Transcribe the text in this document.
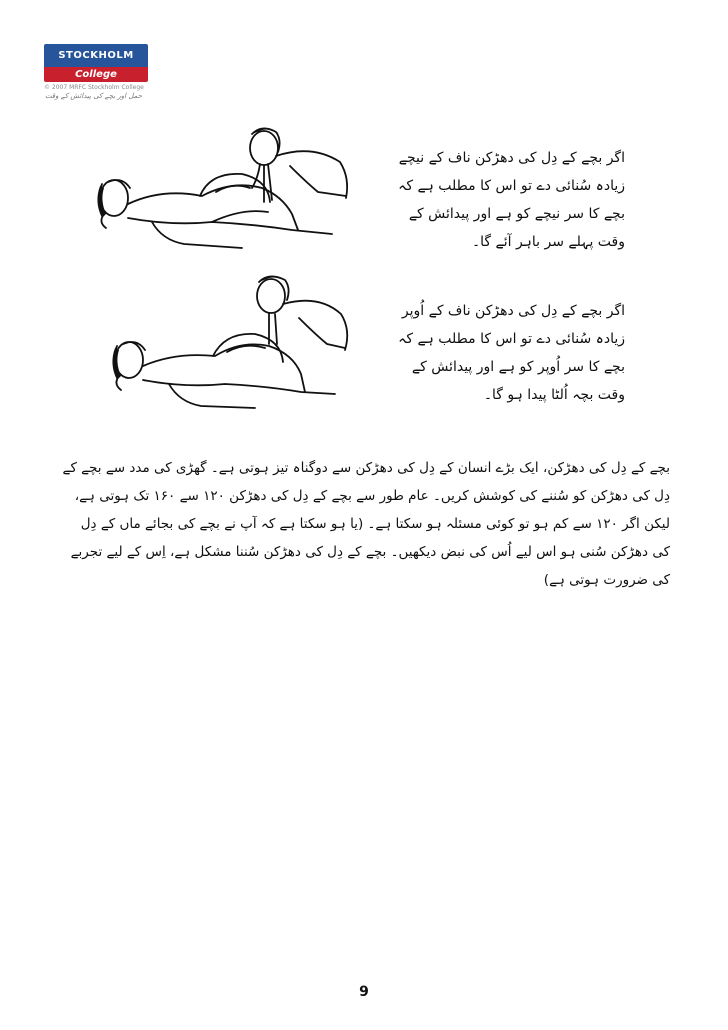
STOCKHOLM
College
© 2007 MRFC Stockholm College
حمل اور بچے کی پیدائش کے وقت

اگر بچے کے دِل کی دھڑکن ناف کے نیچے زیادہ سُنائی دے تو اس کا مطلب ہے کہ بچے کا سر نیچے کو ہے اور پیدائش کے وقت پہلے سر باہر آئے گا۔

اگر بچے کے دِل کی دھڑکن ناف کے اُوپر زیادہ سُنائی دے تو اس کا مطلب ہے کہ بچے کا سر اُوپر کو ہے اور پیدائش کے وقت بچہ اُلٹا پیدا ہو گا۔

بچے کے دِل کی دھڑکن، ایک بڑے انسان کے دِل کی دھڑکن سے دوگناہ تیز ہوتی ہے۔ گھڑی کی مدد سے بچے کے دِل کی دھڑکن کو سُننے کی کوشش کریں۔ عام طور سے بچے کے دِل کی دھڑکن ۱۲۰ سے ۱۶۰ تک ہوتی ہے، لیکن اگر ۱۲۰ سے کم ہو تو کوئی مسئلہ ہو سکتا ہے۔ (یا ہو سکتا ہے کہ آپ نے بچے کی بجائے ماں کے دِل کی دھڑکن سُنی ہو اس لیے اُس کی نبض دیکھیں۔ بچے کے دِل کی دھڑکن سُننا مشکل ہے، اِس کے لیے تجربے کی ضرورت ہوتی ہے)

9
